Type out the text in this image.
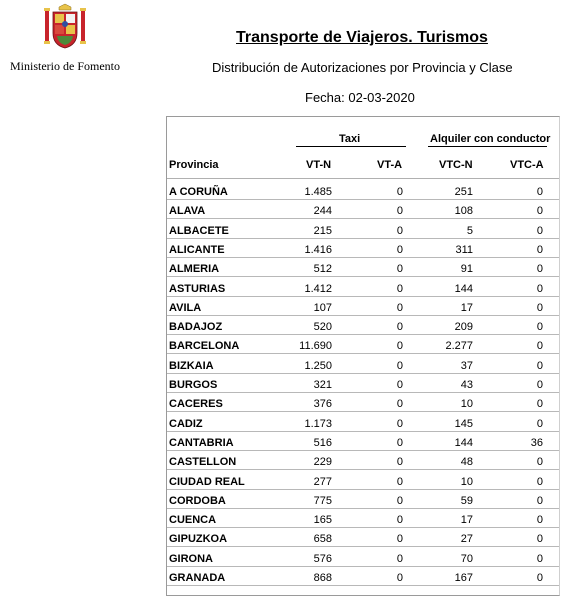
Ministerio de Fomento
Transporte de Viajeros. Turismos
Distribución de Autorizaciones por Provincia y Clase
Fecha: 02-03-2020
Taxi	Alquiler con conductor
Provincia	VT-N	VT-A	VTC-N	VTC-A
A CORUÑA	1.485	0	251	0
ALAVA	244	0	108	0
ALBACETE	215	0	5	0
ALICANTE	1.416	0	311	0
ALMERIA	512	0	91	0
ASTURIAS	1.412	0	144	0
AVILA	107	0	17	0
BADAJOZ	520	0	209	0
BARCELONA	11.690	0	2.277	0
BIZKAIA	1.250	0	37	0
BURGOS	321	0	43	0
CACERES	376	0	10	0
CADIZ	1.173	0	145	0
CANTABRIA	516	0	144	36
CASTELLON	229	0	48	0
CIUDAD REAL	277	0	10	0
CORDOBA	775	0	59	0
CUENCA	165	0	17	0
GIPUZKOA	658	0	27	0
GIRONA	576	0	70	0
GRANADA	868	0	167	0
